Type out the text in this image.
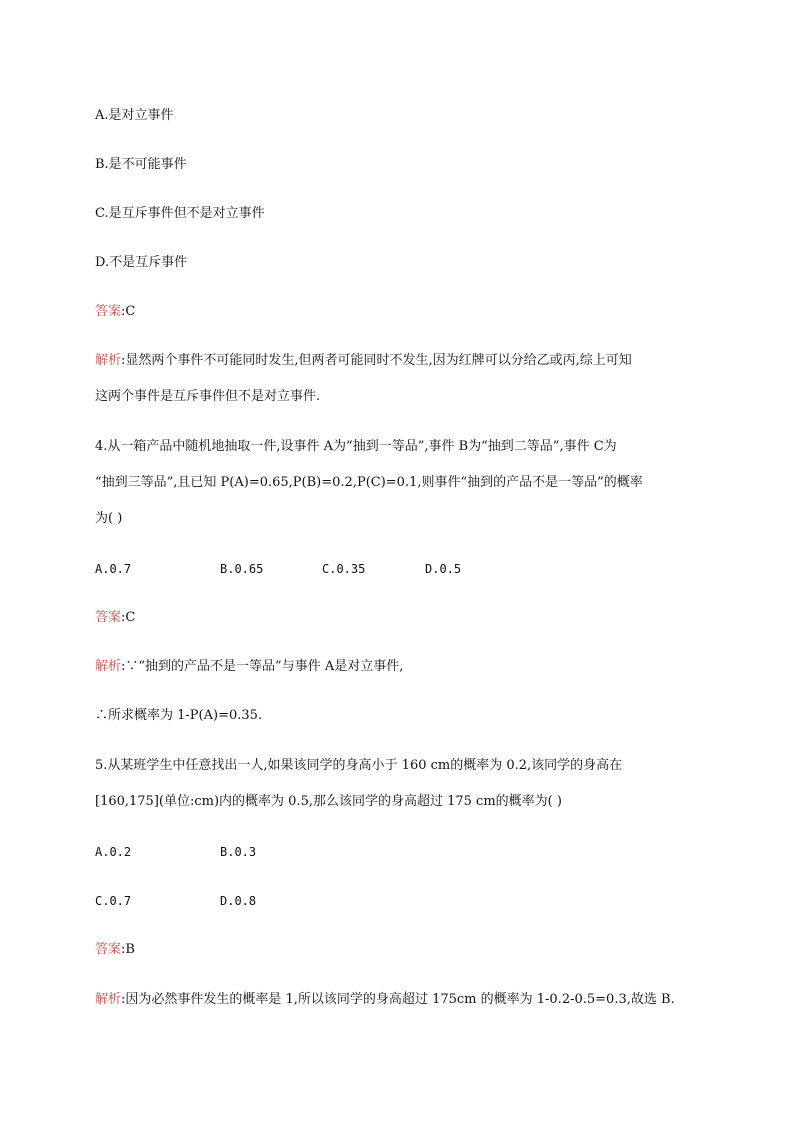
A.是对立事件
B.是不可能事件
C.是互斥事件但不是对立事件
D.不是互斥事件
答案:C
解析:显然两个事件不可能同时发生,但两者可能同时不发生,因为红牌可以分给乙或丙,综上可知
这两个事件是互斥事件但不是对立事件.
4.从一箱产品中随机地抽取一件,设事件 A为“抽到一等品”,事件 B为“抽到二等品”,事件 C为
“抽到三等品”,且已知 P(A)=0.65,P(B)=0.2,P(C)=0.1,则事件“抽到的产品不是一等品”的概率
为( )
A.0.7	B.0.65	C.0.35	D.0.5
答案:C
解析:∵“抽到的产品不是一等品”与事件 A是对立事件,
∴所求概率为 1-P(A)=0.35.
5.从某班学生中任意找出一人,如果该同学的身高小于 160 cm的概率为 0.2,该同学的身高在
[160,175](单位:cm)内的概率为 0.5,那么该同学的身高超过 175 cm的概率为( )
A.0.2	B.0.3
C.0.7	D.0.8
答案:B
解析:因为必然事件发生的概率是 1,所以该同学的身高超过 175cm 的概率为 1-0.2-0.5=0.3,故选 B.
